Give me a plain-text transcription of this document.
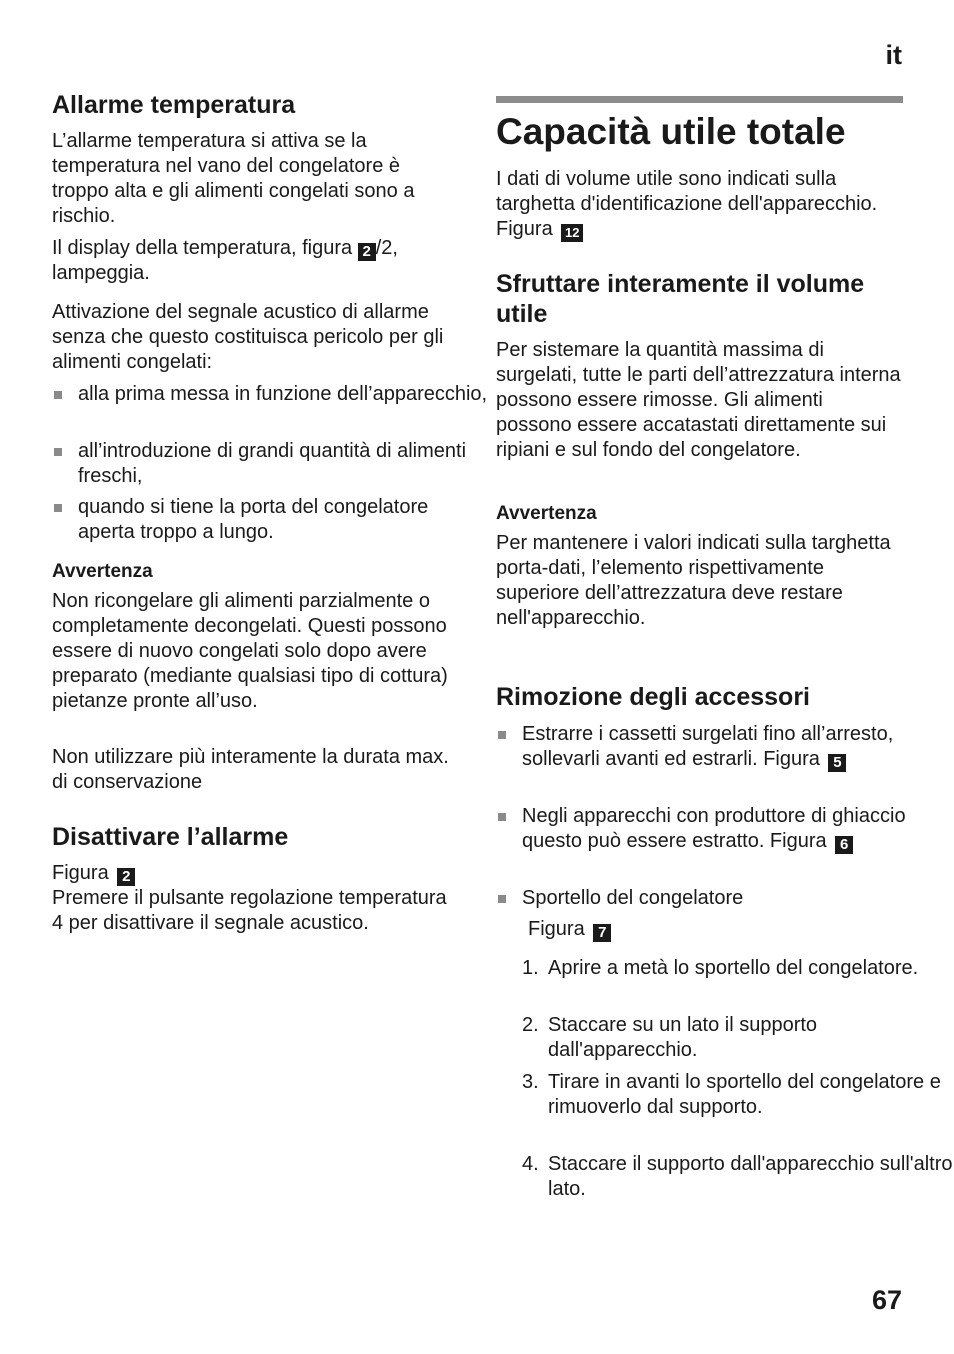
it
Allarme temperatura
L’allarme temperatura si attiva se la temperatura nel vano del congelatore è troppo alta e gli alimenti congelati sono a rischio.
Il display della temperatura, figura 2 /2,
lampeggia.
Attivazione del segnale acustico di allarme senza che questo costituisca pericolo per gli alimenti congelati:
alla prima messa in funzione dell’apparecchio,
all’introduzione di grandi quantità di alimenti freschi,
quando si tiene la porta del congelatore aperta troppo a lungo.
Avvertenza
Non ricongelare gli alimenti parzialmente o completamente decongelati. Questi possono essere di nuovo congelati solo dopo avere preparato (mediante qualsiasi tipo di cottura) pietanze pronte all’uso.
Non utilizzare più interamente la durata max. di conservazione
Disattivare l’allarme
Figura 2
Premere il pulsante regolazione temperatura 4 per disattivare il segnale acustico.
Capacità utile totale
I dati di volume utile sono indicati sulla targhetta d'identificazione dell'apparecchio. Figura 12
Sfruttare interamente il volume utile
Per sistemare la quantità massima di surgelati, tutte le parti dell’attrezzatura interna possono essere rimosse. Gli alimenti possono essere accatastati direttamente sui ripiani e sul fondo del congelatore.
Avvertenza
Per mantenere i valori indicati sulla targhetta porta-dati, l’elemento rispettivamente superiore dell’attrezzatura deve restare nell'apparecchio.
Rimozione degli accessori
Estrarre i cassetti surgelati fino all’arresto, sollevarli avanti ed estrarli. Figura 5
Negli apparecchi con produttore di ghiaccio questo può essere estratto. Figura 6
Sportello del congelatore
Figura 7
1. Aprire a metà lo sportello del congelatore.
2. Staccare su un lato il supporto dall'apparecchio.
3. Tirare in avanti lo sportello del congelatore e rimuoverlo dal supporto.
4. Staccare il supporto dall'apparecchio sull'altro lato.
67
